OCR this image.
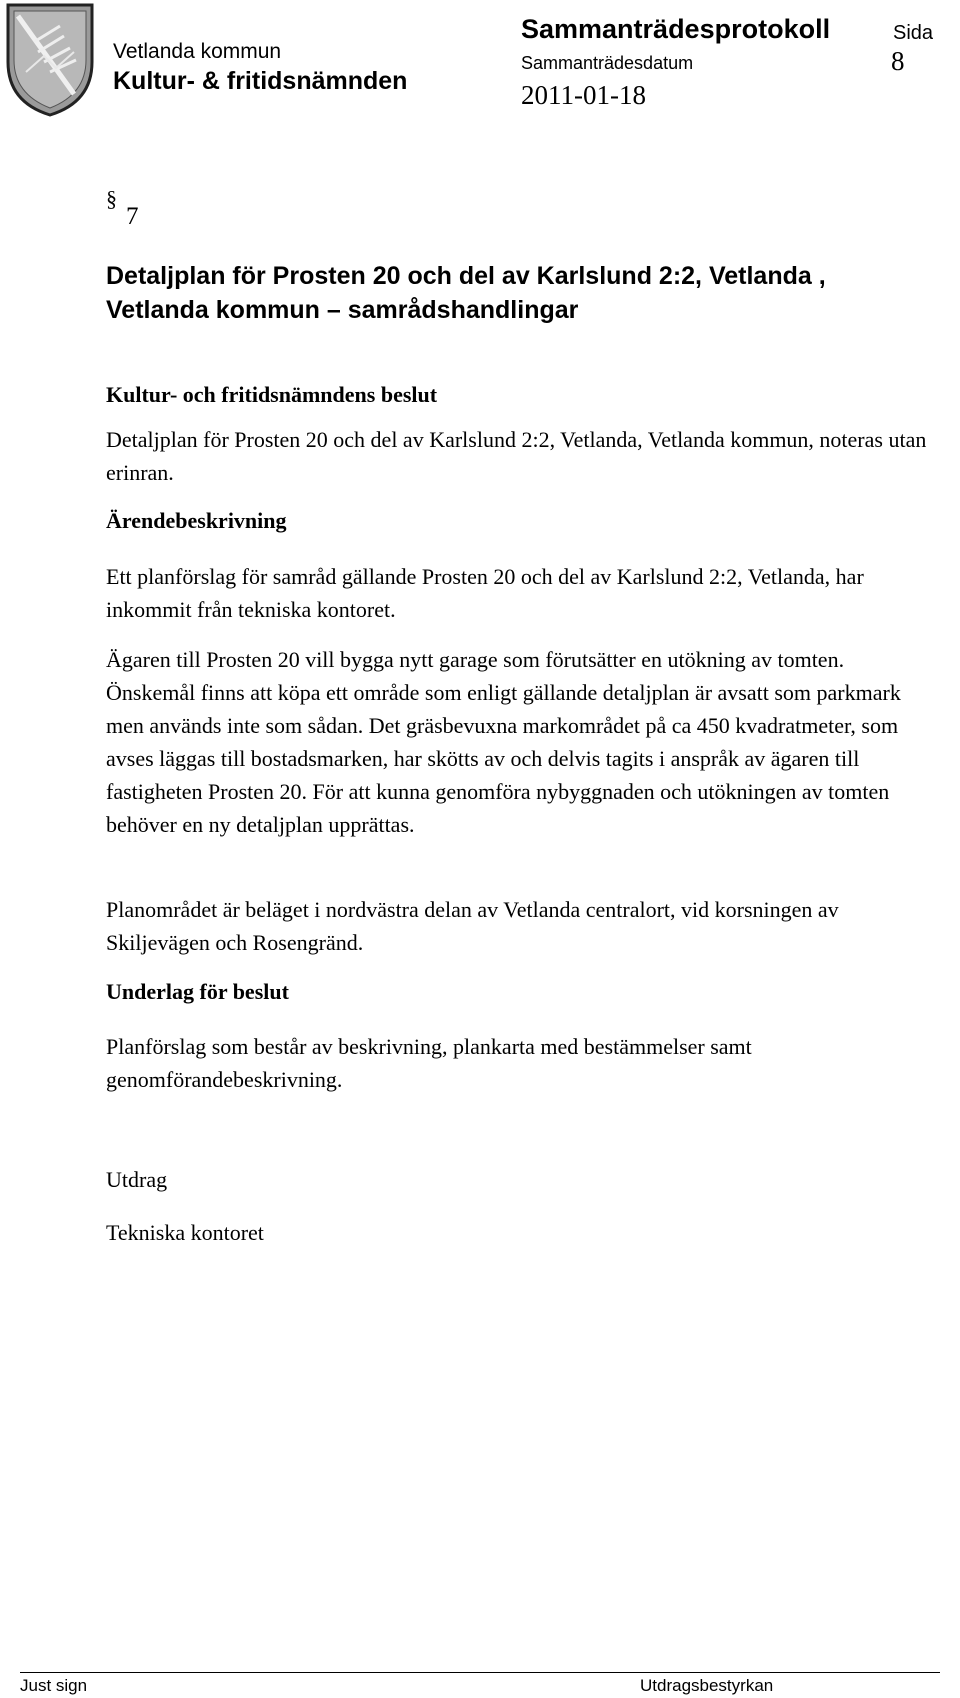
Vetlanda kommun
Kultur- & fritidsnämnden
Sammanträdesprotokoll	Sida
Sammanträdesdatum	8
2011-01-18
§
7
Detaljplan för Prosten 20 och del av Karlslund 2:2, Vetlanda ,
Vetlanda kommun – samrådshandlingar
Kultur- och fritidsnämndens beslut
Detaljplan för Prosten 20 och del av Karlslund 2:2, Vetlanda, Vetlanda kommun, noteras utan erinran.
Ärendebeskrivning
Ett planförslag för samråd gällande Prosten 20 och del av Karlslund 2:2, Vetlanda, har inkommit från tekniska kontoret.
Ägaren till Prosten 20 vill bygga nytt garage som förutsätter en utökning av tomten. Önskemål finns att köpa ett område som enligt gällande detaljplan är avsatt som parkmark men används inte som sådan. Det gräsbevuxna markområdet på ca 450 kvadratmeter, som avses läggas till bostadsmarken, har skötts av och delvis tagits i anspråk av ägaren till fastigheten Prosten 20. För att kunna genomföra nybyggnaden och utökningen av tomten behöver en ny detaljplan upprättas.
Planområdet är beläget i nordvästra delan av Vetlanda centralort, vid korsningen av Skiljevägen och Rosengränd.
Underlag för beslut
Planförslag som består av beskrivning, plankarta med bestämmelser samt genomförandebeskrivning.
Utdrag
Tekniska kontoret
Just sign	Utdragsbestyrkan
